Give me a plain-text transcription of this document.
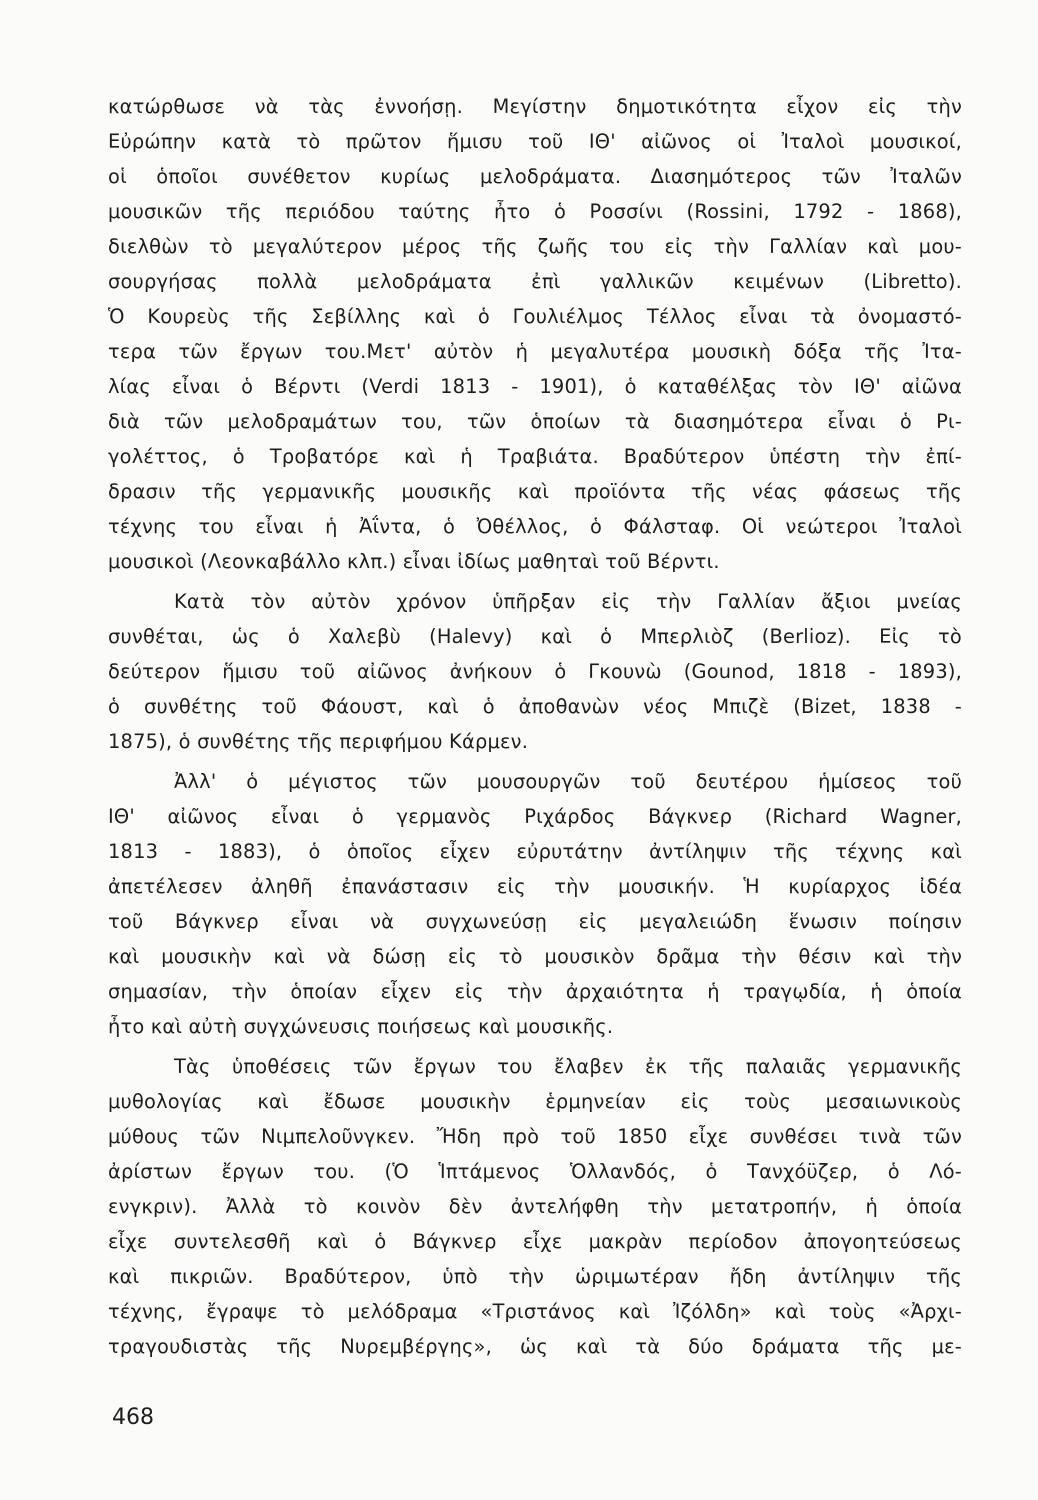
κατώρθωσε νὰ τὰς ἐννοήσῃ. Μεγίστην δημοτικότητα εἶχον εἰς τὴν
Εὐρώπην κατὰ τὸ πρῶτον ἥμισυ τοῦ ΙΘ' αἰῶνος οἱ Ἰταλοὶ μουσικοί,
οἱ ὁποῖοι συνέθετον κυρίως μελοδράματα. Διασημότερος τῶν Ἰταλῶν
μουσικῶν τῆς περιόδου ταύτης ἦτο ὁ Ροσσίνι (Rossini, 1792 - 1868),
διελθὼν τὸ μεγαλύτερον μέρος τῆς ζωῆς του εἰς τὴν Γαλλίαν καὶ μου-
σουργήσας πολλὰ μελοδράματα ἐπὶ γαλλικῶν κειμένων (Libretto).
Ὁ Κουρεὺς τῆς Σεβίλλης καὶ ὁ Γουλιέλμος Τέλλος εἶναι τὰ ὀνομαστό-
τερα τῶν ἔργων του.Μετ' αὐτὸν ἡ μεγαλυτέρα μουσικὴ δόξα τῆς Ἰτα-
λίας εἶναι ὁ Βέρντι (Verdi 1813 - 1901), ὁ καταθέλξας τὸν ΙΘ' αἰῶνα
διὰ τῶν μελοδραμάτων του, τῶν ὁποίων τὰ διασημότερα εἶναι ὁ Ρι-
γολέττος, ὁ Τροβατόρε καὶ ἡ Τραβιάτα. Βραδύτερον ὑπέστη τὴν ἐπί-
δρασιν τῆς γερμανικῆς μουσικῆς καὶ προϊόντα τῆς νέας φάσεως τῆς
τέχνης του εἶναι ἡ Ἀΐντα, ὁ Ὀθέλλος, ὁ Φάλσταφ. Οἱ νεώτεροι Ἰταλοὶ
μουσικοὶ (Λεονκαβάλλο κλπ.) εἶναι ἰδίως μαθηταὶ τοῦ Βέρντι.
Κατὰ τὸν αὐτὸν χρόνον ὑπῆρξαν εἰς τὴν Γαλλίαν ἄξιοι μνείας
συνθέται, ὡς ὁ Χαλεβὺ (Halevy) καὶ ὁ Μπερλιὸζ (Berlioz). Εἰς τὸ
δεύτερον ἥμισυ τοῦ αἰῶνος ἀνήκουν ὁ Γκουνὼ (Gounod, 1818 - 1893),
ὁ συνθέτης τοῦ Φάουστ, καὶ ὁ ἀποθανὼν νέος Μπιζὲ (Bizet, 1838 -
1875), ὁ συνθέτης τῆς περιφήμου Κάρμεν.
Ἀλλ' ὁ μέγιστος τῶν μουσουργῶν τοῦ δευτέρου ἡμίσεος τοῦ
ΙΘ' αἰῶνος εἶναι ὁ γερμανὸς Ριχάρδος Βάγκνερ (Richard Wagner,
1813 - 1883), ὁ ὁποῖος εἶχεν εὐρυτάτην ἀντίληψιν τῆς τέχνης καὶ
ἀπετέλεσεν ἀληθῆ ἐπανάστασιν εἰς τὴν μουσικήν. Ἡ κυρίαρχος ἰδέα
τοῦ Βάγκνερ εἶναι νὰ συγχωνεύσῃ εἰς μεγαλειώδη ἕνωσιν ποίησιν
καὶ μουσικὴν καὶ νὰ δώσῃ εἰς τὸ μουσικὸν δρᾶμα τὴν θέσιν καὶ τὴν
σημασίαν, τὴν ὁποίαν εἶχεν εἰς τὴν ἀρχαιότητα ἡ τραγῳδία, ἡ ὁποία
ἦτο καὶ αὐτὴ συγχώνευσις ποιήσεως καὶ μουσικῆς.
Τὰς ὑποθέσεις τῶν ἔργων του ἔλαβεν ἐκ τῆς παλαιᾶς γερμανικῆς
μυθολογίας καὶ ἔδωσε μουσικὴν ἑρμηνείαν εἰς τοὺς μεσαιωνικοὺς
μύθους τῶν Νιμπελοῦνγκεν. Ἤδη πρὸ τοῦ 1850 εἶχε συνθέσει τινὰ τῶν
ἀρίστων ἔργων του. (Ὁ Ἱπτάμενος Ὁλλανδός, ὁ Τανχόϋζερ, ὁ Λό-
ενγκριν). Ἀλλὰ τὸ κοινὸν δὲν ἀντελήφθη τὴν μετατροπήν, ἡ ὁποία
εἶχε συντελεσθῆ καὶ ὁ Βάγκνερ εἶχε μακρὰν περίοδον ἀπογοητεύσεως
καὶ πικριῶν. Βραδύτερον, ὑπὸ τὴν ὡριμωτέραν ἤδη ἀντίληψιν τῆς
τέχνης, ἔγραψε τὸ μελόδραμα «Τριστάνος καὶ Ἰζόλδη» καὶ τοὺς «Ἀρχι-
τραγουδιστὰς τῆς Νυρεμβέργης», ὡς καὶ τὰ δύο δράματα τῆς με-
468
